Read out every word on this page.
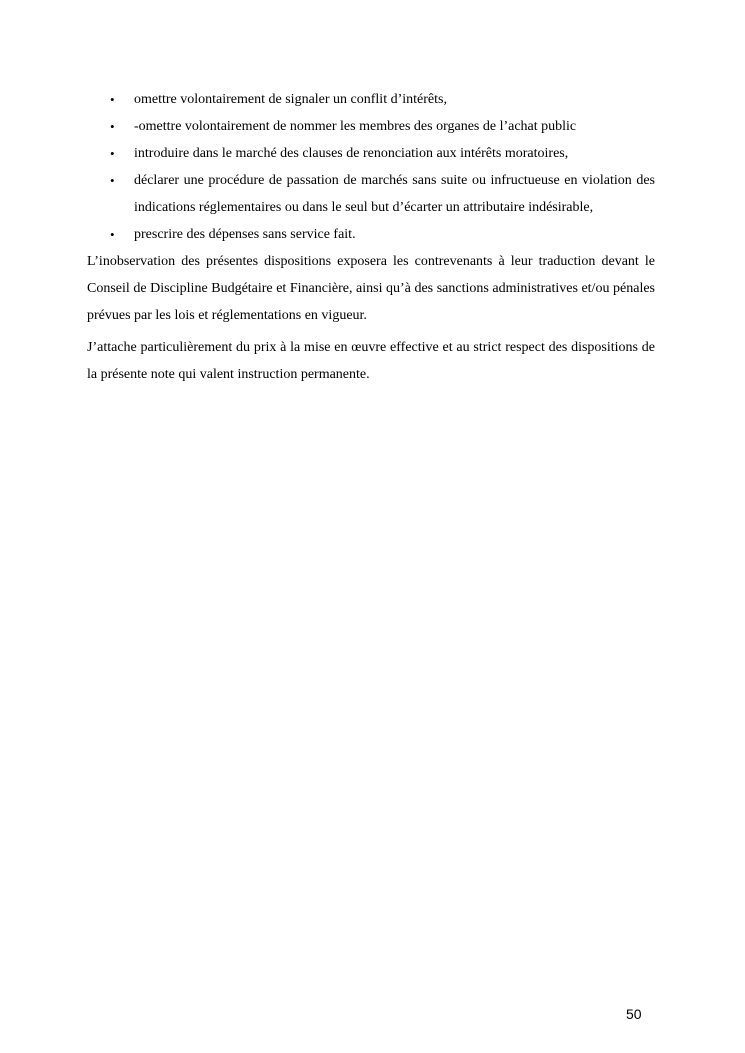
• omettre volontairement de signaler un conflit d’intérêts,
• -omettre volontairement de nommer les membres des organes de l’achat public
• introduire dans le marché des clauses de renonciation aux intérêts moratoires,
• déclarer une procédure de passation de marchés sans suite ou infructueuse en violation des indications réglementaires ou dans le seul but d’écarter un attributaire indésirable,
• prescrire des dépenses sans service fait.

L’inobservation des présentes dispositions exposera les contrevenants à leur traduction devant le Conseil de Discipline Budgétaire et Financière, ainsi qu’à des sanctions administratives et/ou pénales prévues par les lois et réglementations en vigueur.

J’attache particulièrement du prix à la mise en œuvre effective et au strict respect des dispositions de la présente note qui valent instruction permanente.

50
